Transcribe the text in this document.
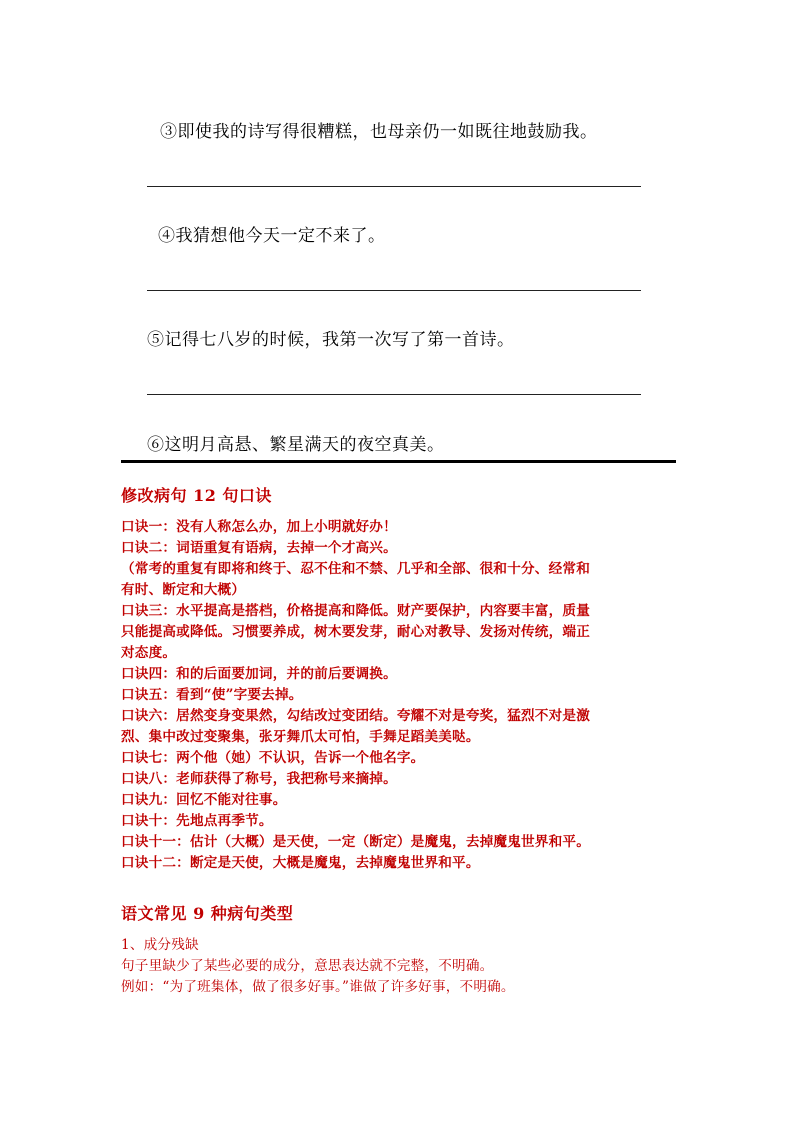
③即使我的诗写得很糟糕，也母亲仍一如既往地鼓励我。
④我猜想他今天一定不来了。
⑤记得七八岁的时候，我第一次写了第一首诗。
⑥这明月高悬、繁星满天的夜空真美。
修改病句 12 句口诀
口诀一：没有人称怎么办，加上小明就好办！
口诀二：词语重复有语病，去掉一个才高兴。
（常考的重复有即将和终于、忍不住和不禁、几乎和全部、很和十分、经常和
有时、断定和大概）
口诀三：水平提高是搭档，价格提高和降低。财产要保护，内容要丰富，质量
只能提高或降低。习惯要养成，树木要发芽，耐心对教导、发扬对传统，端正
对态度。
口诀四：和的后面要加词，并的前后要调换。
口诀五：看到“使”字要去掉。
口诀六：居然变身变果然，勾结改过变团结。夸耀不对是夸奖，猛烈不对是激
烈、集中改过变聚集，张牙舞爪太可怕，手舞足蹈美美哒。
口诀七：两个他（她）不认识，告诉一个他名字。
口诀八：老师获得了称号，我把称号来摘掉。
口诀九：回忆不能对往事。
口诀十：先地点再季节。
口诀十一：估计（大概）是天使，一定（断定）是魔鬼，去掉魔鬼世界和平。
口诀十二：断定是天使，大概是魔鬼，去掉魔鬼世界和平。
语文常见 9 种病句类型
1、成分残缺
句子里缺少了某些必要的成分，意思表达就不完整，不明确。
例如：“为了班集体，做了很多好事。”谁做了许多好事，不明确。
